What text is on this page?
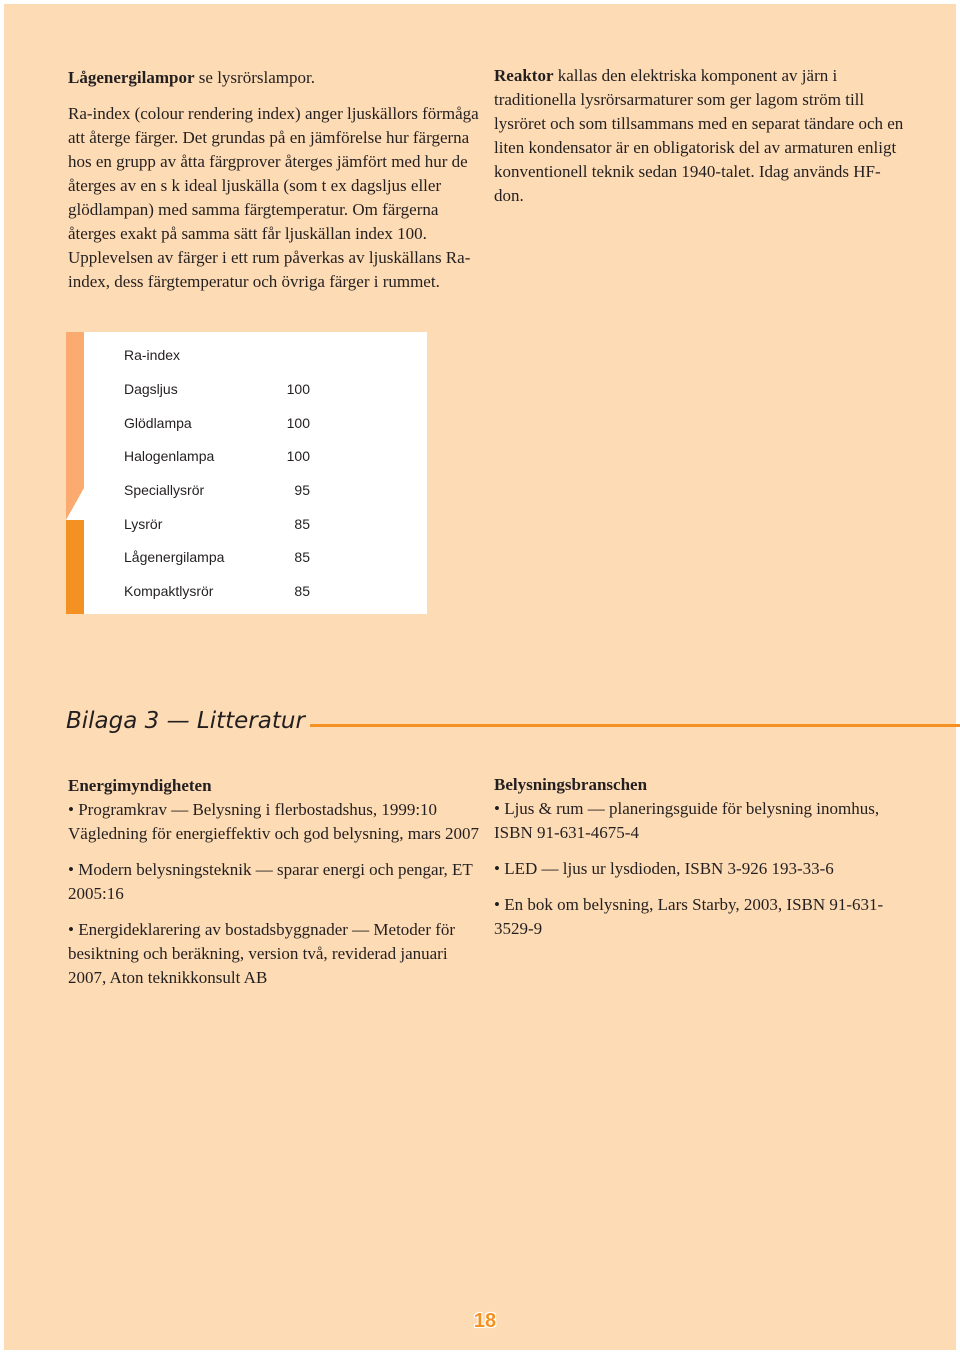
Lågenergilampor se lysrörslampor.

Ra-index (colour rendering index) anger ljuskällors förmåga att återge färger. Det grundas på en jämförelse hur färgerna hos en grupp av åtta färgprover återges jämfört med hur de återges av en s k ideal ljuskälla (som t ex dagsljus eller glödlampan) med samma färgtemperatur. Om färgerna återges exakt på samma sätt får ljuskällan index 100. Upplevelsen av färger i ett rum påverkas av ljuskällans Ra-index, dess färgtemperatur och övriga färger i rummet.

Reaktor kallas den elektriska komponent av järn i traditionella lysrörsarmaturer som ger lagom ström till lysröret och som tillsammans med en separat tändare och en liten kondensator är en obligatorisk del av armaturen enligt konventionell teknik sedan 1940-talet. Idag används HF-don.

Ra-index
Dagsljus	100
Glödlampa	100
Halogenlampa	100
Speciallysrör	95
Lysrör	85
Lågenergilampa	85
Kompaktlysrör	85
Bilaga 3 — Litteratur
Energimyndigheten
• Programkrav — Belysning i flerbostadshus, 1999:10 Vägledning för energieffektiv och god belysning, mars 2007
• Modern belysningsteknik — sparar energi och pengar, ET 2005:16
• Energideklarering av bostadsbyggnader — Metoder för besiktning och beräkning, version två, reviderad januari 2007, Aton teknikkonsult AB
Belysningsbranschen
• Ljus & rum — planeringsguide för belysning inomhus, ISBN 91-631-4675-4
• LED — ljus ur lysdioden, ISBN 3-926 193-33-6
• En bok om belysning, Lars Starby, 2003, ISBN 91-631-3529-9
18
